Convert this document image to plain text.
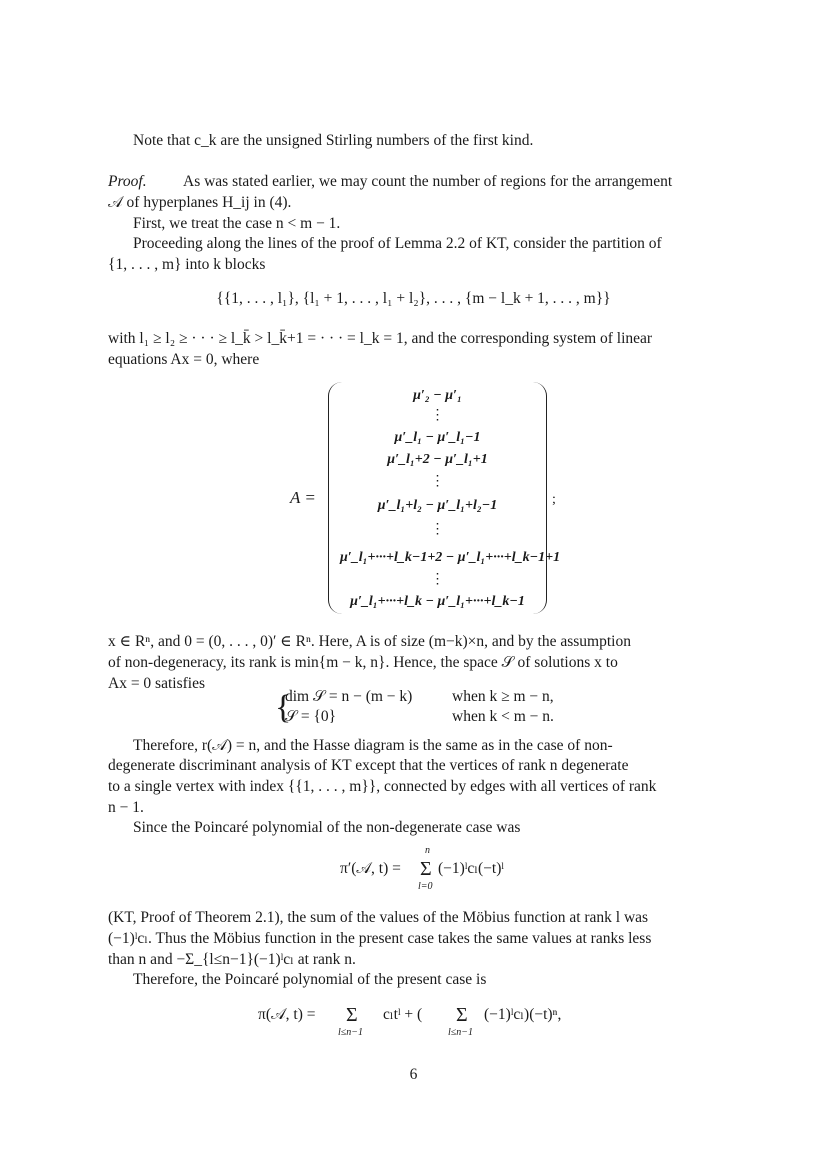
Note that c_k are the unsigned Stirling numbers of the first kind.
Proof. As was stated earlier, we may count the number of regions for the arrangement
𝒜 of hyperplanes H_ij in (4).
First, we treat the case n < m − 1.
Proceeding along the lines of the proof of Lemma 2.2 of KT, consider the partition of
{1, . . . , m} into k blocks
{{1, . . . , l₁}, {l₁ + 1, . . . , l₁ + l₂}, . . . , {m − l_k + 1, . . . , m}}
with l₁ ≥ l₂ ≥ · · · ≥ l_k̄ > l_k̄+1 = · · · = l_k = 1, and the corresponding system of linear
equations Ax = 0, where
A =
μ′₂ − μ′₁
⋮
μ′_l₁ − μ′_l₁−1
μ′_l₁+2 − μ′_l₁+1
⋮
μ′_l₁+l₂ − μ′_l₁+l₂−1
⋮
μ′_l₁+···+l_k−1+2 − μ′_l₁+···+l_k−1+1
⋮
μ′_l₁+···+l_k − μ′_l₁+···+l_k−1
;
x ∈ Rⁿ, and 0 = (0, . . . , 0)′ ∈ Rⁿ. Here, A is of size (m−k)×n, and by the assumption
of non-degeneracy, its rank is min{m − k, n}. Hence, the space 𝒮 of solutions x to
Ax = 0 satisfies
{
dim 𝒮 = n − (m − k)	when k ≥ m − n,
𝒮 = {0}	when k < m − n.
Therefore, r(𝒜) = n, and the Hasse diagram is the same as in the case of non-
degenerate discriminant analysis of KT except that the vertices of rank n degenerate
to a single vertex with index {{1, . . . , m}}, connected by edges with all vertices of rank
n − 1.
Since the Poincaré polynomial of the non-degenerate case was
π′(𝒜, t) =
n
Σ
l=0
(−1)ˡcₗ(−t)ˡ
(KT, Proof of Theorem 2.1), the sum of the values of the Möbius function at rank l was
(−1)ˡcₗ. Thus the Möbius function in the present case takes the same values at ranks less
than n and −Σ_{l≤n−1}(−1)ˡcₗ at rank n.
Therefore, the Poincaré polynomial of the present case is
π(𝒜, t) = Σ
l≤n−1
cₗtˡ + ( Σ
l≤n−1
(−1)ˡcₗ)(−t)ⁿ,
6
